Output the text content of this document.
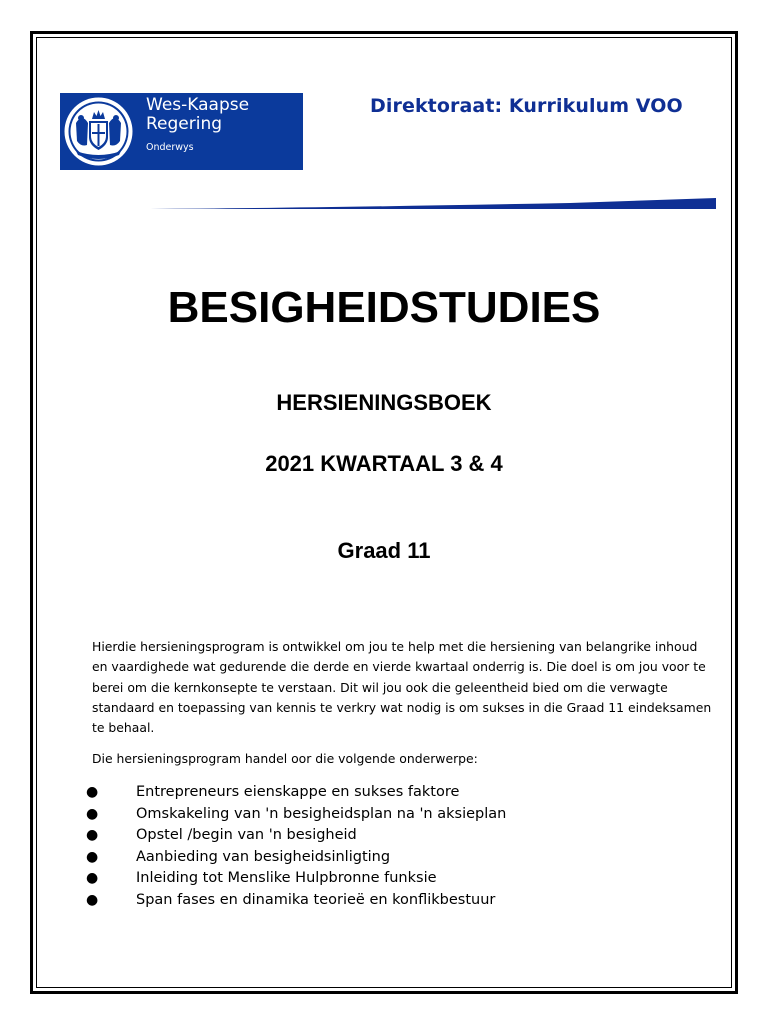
Wes-Kaapse
Regering
Onderwys
Direktoraat: Kurrikulum VOO
BESIGHEIDSTUDIES
HERSIENINGSBOEK
2021 KWARTAAL 3 & 4
Graad 11
Hierdie hersieningsprogram is ontwikkel om jou te help met die hersiening van belangrike inhoud en vaardighede wat gedurende die derde en vierde kwartaal onderrig is. Die doel is om jou voor te berei om die kernkonsepte te verstaan. Dit wil jou ook die geleentheid bied om die verwagte standaard en toepassing van kennis te verkry wat nodig is om sukses in die Graad 11 eindeksamen te behaal.
Die hersieningsprogram handel oor die volgende onderwerpe:
●	Entrepreneurs eienskappe en sukses faktore
●	Omskakeling van 'n besigheidsplan na 'n aksieplan
●	Opstel /begin van 'n besigheid
●	Aanbieding van besigheidsinligting
●	Inleiding tot Menslike Hulpbronne funksie
●	Span fases en dinamika teorieë en konflikbestuur
